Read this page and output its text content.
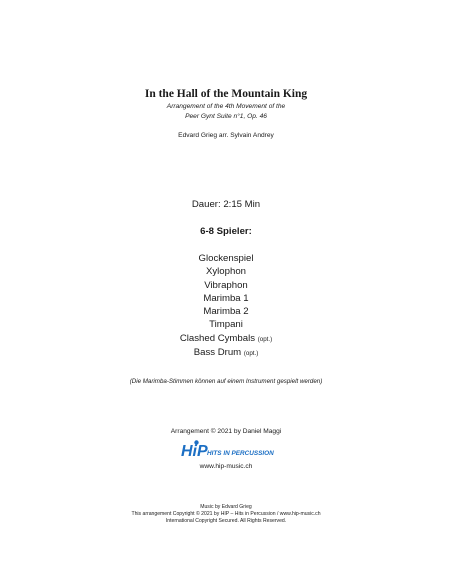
In the Hall of the Mountain King
Arrangement of the 4th Movement of the
Peer Gynt Suite n°1, Op. 46
Edvard Grieg arr. Sylvain Andrey
Dauer: 2:15 Min
6-8 Spieler:
Glockenspiel
Xylophon
Vibraphon
Marimba 1
Marimba 2
Timpani
Clashed Cymbals (opt.)
Bass Drum (opt.)
(Die Marimba-Stimmen können auf einem Instrument gespielt werden)
Arrangement © 2021 by Daniel Maggi
HiP HITS IN PERCUSSION
www.hip-music.ch
Music by Edvard Grieg
This arrangement Copyright © 2021 by HIP – Hits in Percussion / www.hip-music.ch
International Copyright Secured. All Rights Reserved.
